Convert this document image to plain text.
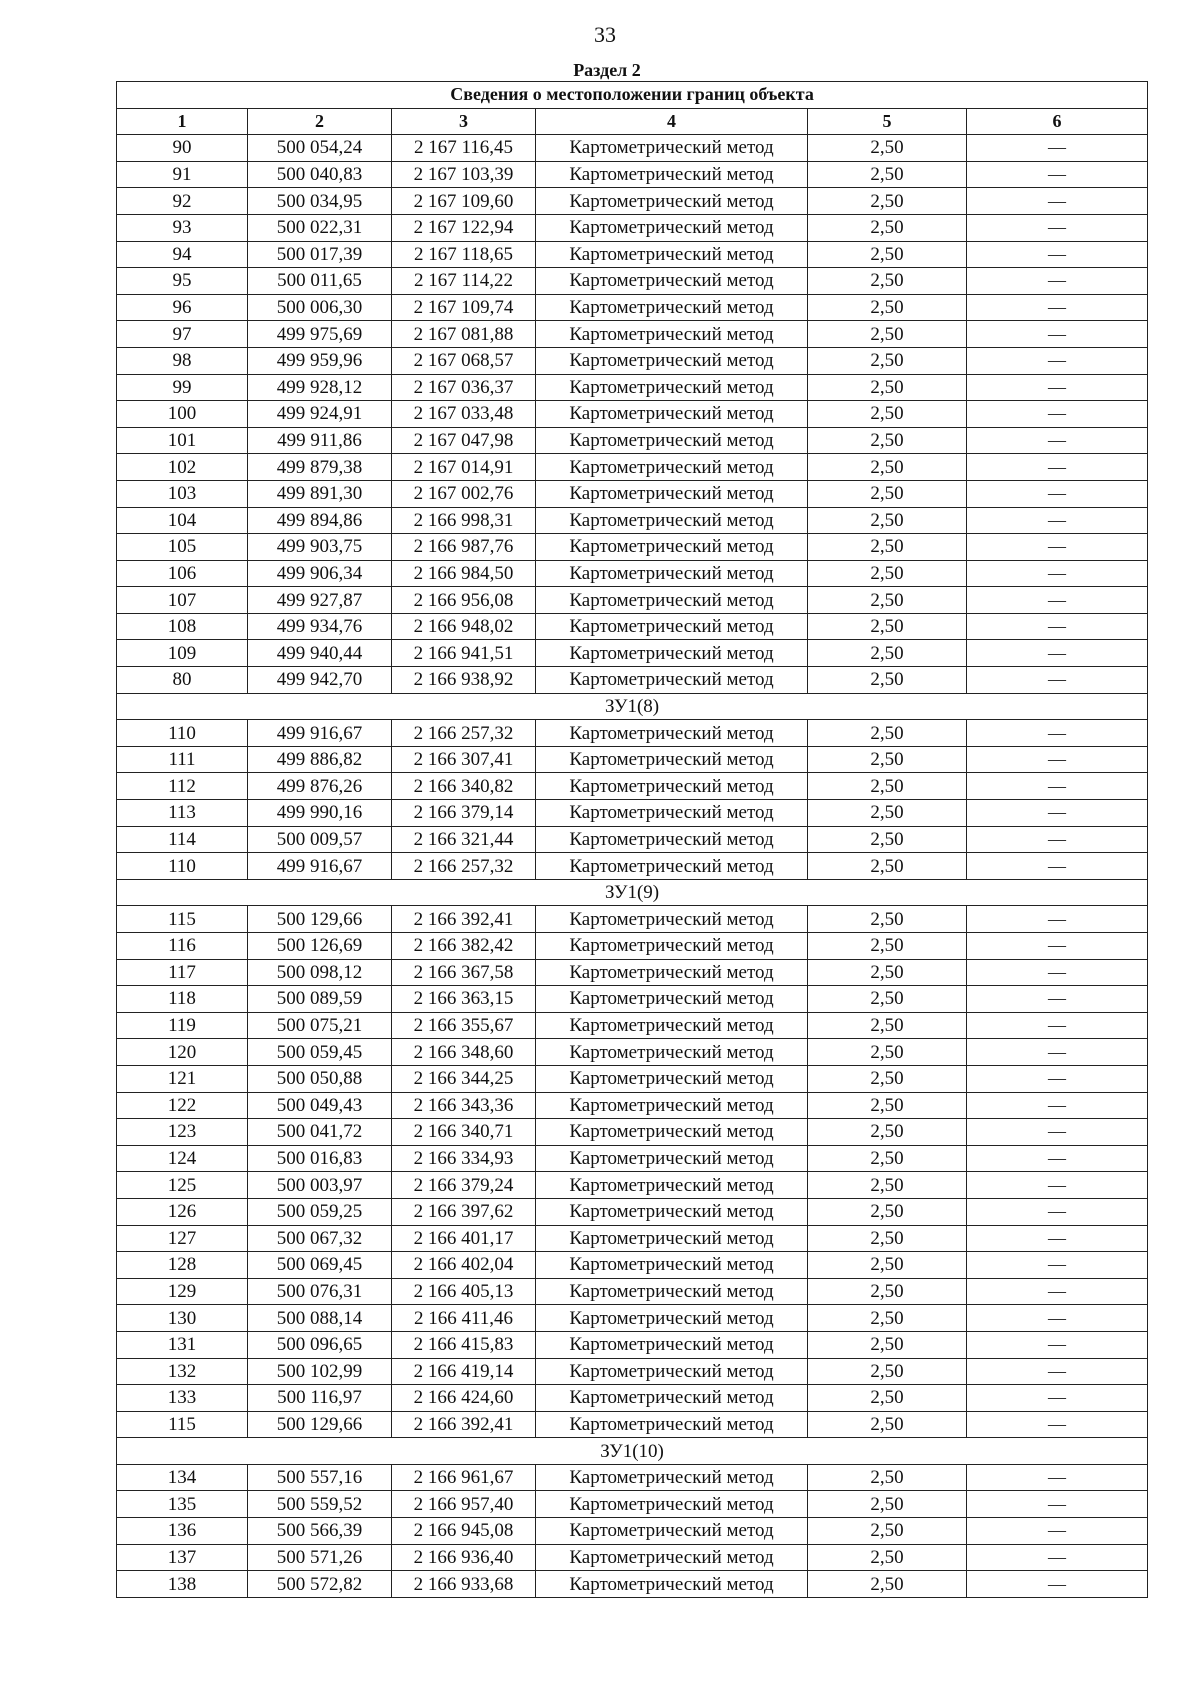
33
Раздел 2
Сведения о местоположении границ объекта					
1	2	3	4	5	6
90	500 054,24	2 167 116,45	Картометрический метод	2,50	—
91	500 040,83	2 167 103,39	Картометрический метод	2,50	—
92	500 034,95	2 167 109,60	Картометрический метод	2,50	—
93	500 022,31	2 167 122,94	Картометрический метод	2,50	—
94	500 017,39	2 167 118,65	Картометрический метод	2,50	—
95	500 011,65	2 167 114,22	Картометрический метод	2,50	—
96	500 006,30	2 167 109,74	Картометрический метод	2,50	—
97	499 975,69	2 167 081,88	Картометрический метод	2,50	—
98	499 959,96	2 167 068,57	Картометрический метод	2,50	—
99	499 928,12	2 167 036,37	Картометрический метод	2,50	—
100	499 924,91	2 167 033,48	Картометрический метод	2,50	—
101	499 911,86	2 167 047,98	Картометрический метод	2,50	—
102	499 879,38	2 167 014,91	Картометрический метод	2,50	—
103	499 891,30	2 167 002,76	Картометрический метод	2,50	—
104	499 894,86	2 166 998,31	Картометрический метод	2,50	—
105	499 903,75	2 166 987,76	Картометрический метод	2,50	—
106	499 906,34	2 166 984,50	Картометрический метод	2,50	—
107	499 927,87	2 166 956,08	Картометрический метод	2,50	—
108	499 934,76	2 166 948,02	Картометрический метод	2,50	—
109	499 940,44	2 166 941,51	Картометрический метод	2,50	—
80	499 942,70	2 166 938,92	Картометрический метод	2,50	—
ЗУ1(8)					
110	499 916,67	2 166 257,32	Картометрический метод	2,50	—
111	499 886,82	2 166 307,41	Картометрический метод	2,50	—
112	499 876,26	2 166 340,82	Картометрический метод	2,50	—
113	499 990,16	2 166 379,14	Картометрический метод	2,50	—
114	500 009,57	2 166 321,44	Картометрический метод	2,50	—
110	499 916,67	2 166 257,32	Картометрический метод	2,50	—
ЗУ1(9)					
115	500 129,66	2 166 392,41	Картометрический метод	2,50	—
116	500 126,69	2 166 382,42	Картометрический метод	2,50	—
117	500 098,12	2 166 367,58	Картометрический метод	2,50	—
118	500 089,59	2 166 363,15	Картометрический метод	2,50	—
119	500 075,21	2 166 355,67	Картометрический метод	2,50	—
120	500 059,45	2 166 348,60	Картометрический метод	2,50	—
121	500 050,88	2 166 344,25	Картометрический метод	2,50	—
122	500 049,43	2 166 343,36	Картометрический метод	2,50	—
123	500 041,72	2 166 340,71	Картометрический метод	2,50	—
124	500 016,83	2 166 334,93	Картометрический метод	2,50	—
125	500 003,97	2 166 379,24	Картометрический метод	2,50	—
126	500 059,25	2 166 397,62	Картометрический метод	2,50	—
127	500 067,32	2 166 401,17	Картометрический метод	2,50	—
128	500 069,45	2 166 402,04	Картометрический метод	2,50	—
129	500 076,31	2 166 405,13	Картометрический метод	2,50	—
130	500 088,14	2 166 411,46	Картометрический метод	2,50	—
131	500 096,65	2 166 415,83	Картометрический метод	2,50	—
132	500 102,99	2 166 419,14	Картометрический метод	2,50	—
133	500 116,97	2 166 424,60	Картометрический метод	2,50	—
115	500 129,66	2 166 392,41	Картометрический метод	2,50	—
ЗУ1(10)					
134	500 557,16	2 166 961,67	Картометрический метод	2,50	—
135	500 559,52	2 166 957,40	Картометрический метод	2,50	—
136	500 566,39	2 166 945,08	Картометрический метод	2,50	—
137	500 571,26	2 166 936,40	Картометрический метод	2,50	—
138	500 572,82	2 166 933,68	Картометрический метод	2,50	—
